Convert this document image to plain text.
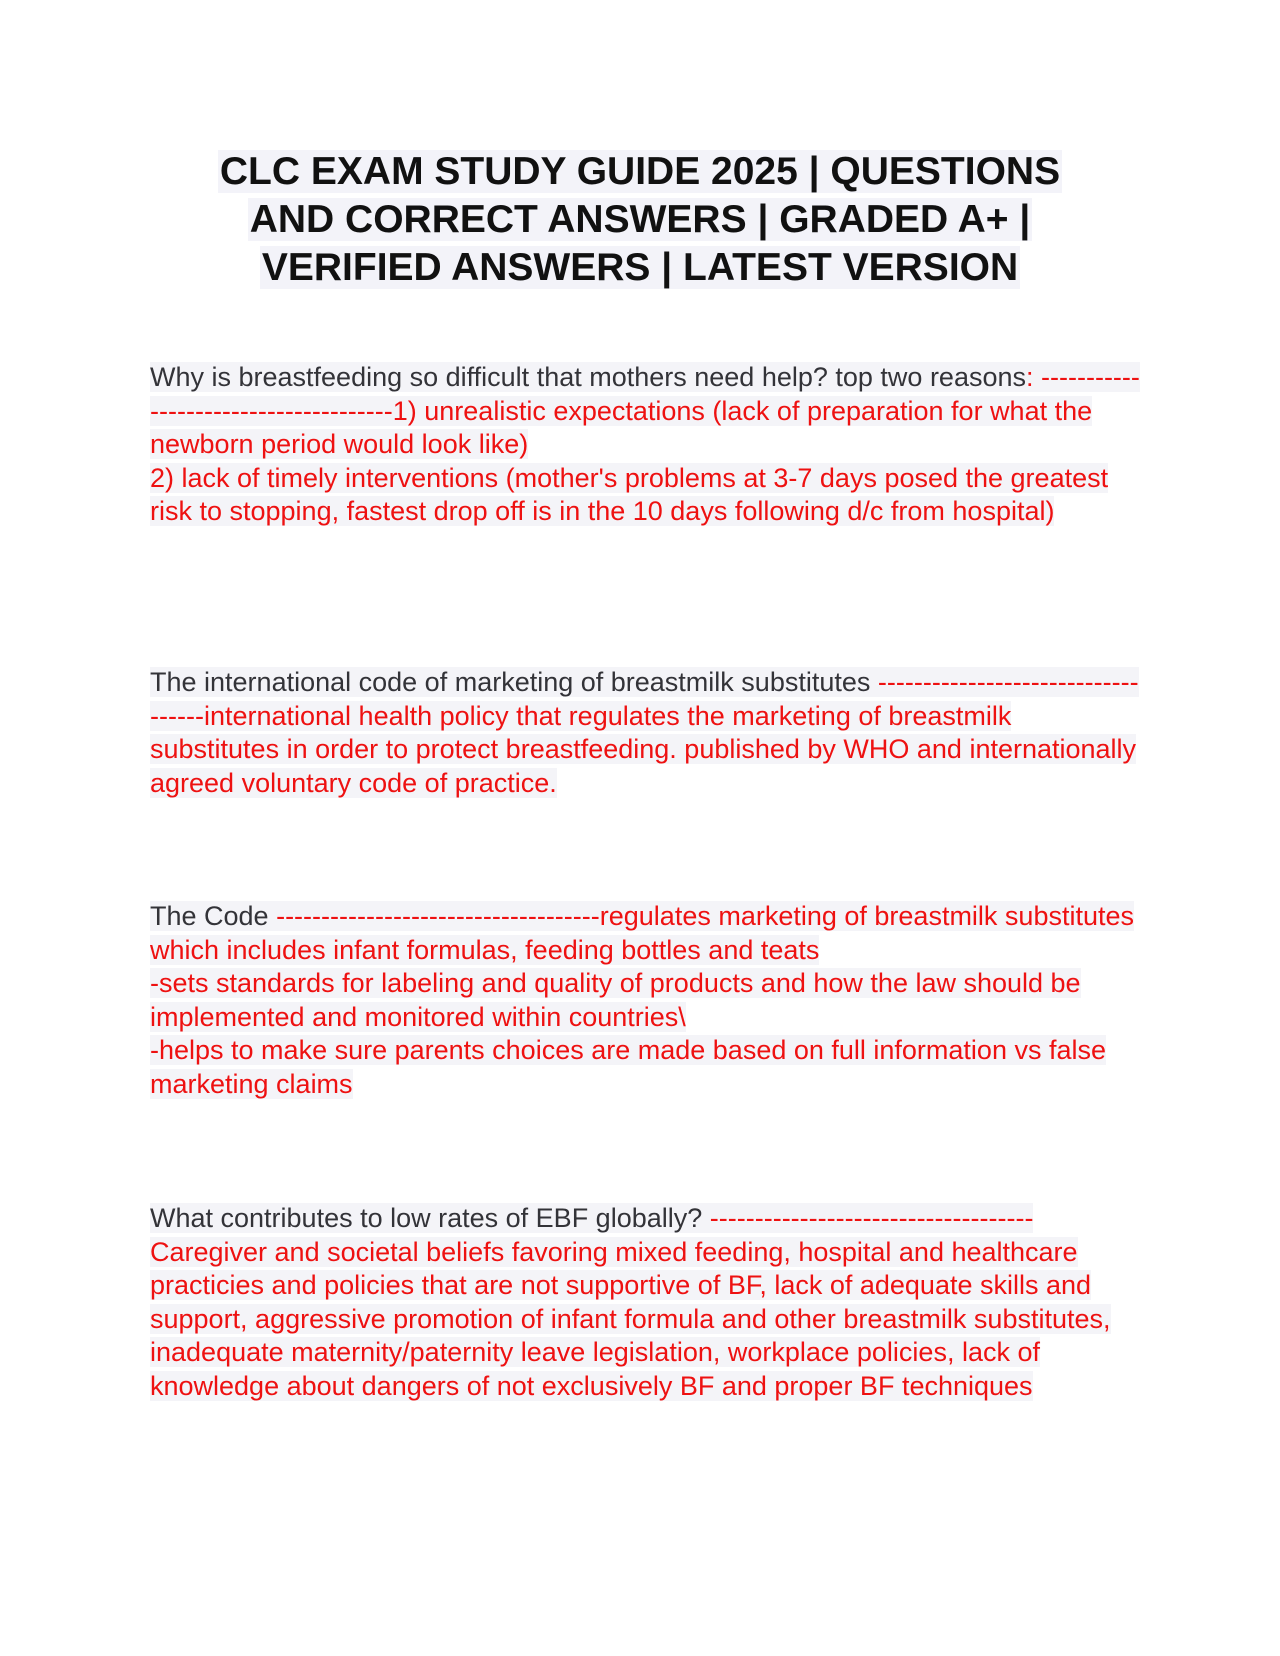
CLC EXAM STUDY GUIDE 2025 | QUESTIONS
AND CORRECT ANSWERS | GRADED A+ |
VERIFIED ANSWERS | LATEST VERSION
Why is breastfeeding so difficult that mothers need help? top two reasons: --------------------------------------1) unrealistic expectations (lack of preparation for what the newborn period would look like)
2) lack of timely interventions (mother's problems at 3-7 days posed the greatest risk to stopping, fastest drop off is in the 10 days following d/c from hospital)
The international code of marketing of breastmilk substitutes -----------------------------------international health policy that regulates the marketing of breastmilk substitutes in order to protect breastfeeding. published by WHO and internationally agreed voluntary code of practice.
The Code ------------------------------------regulates marketing of breastmilk substitutes which includes infant formulas, feeding bottles and teats
-sets standards for labeling and quality of products and how the law should be implemented and monitored within countries\
-helps to make sure parents choices are made based on full information vs false marketing claims
What contributes to low rates of EBF globally? ------------------------------------Caregiver and societal beliefs favoring mixed feeding, hospital and healthcare practicies and policies that are not supportive of BF, lack of adequate skills and support, aggressive promotion of infant formula and other breastmilk substitutes, inadequate maternity/paternity leave legislation, workplace policies, lack of knowledge about dangers of not exclusively BF and proper BF techniques
